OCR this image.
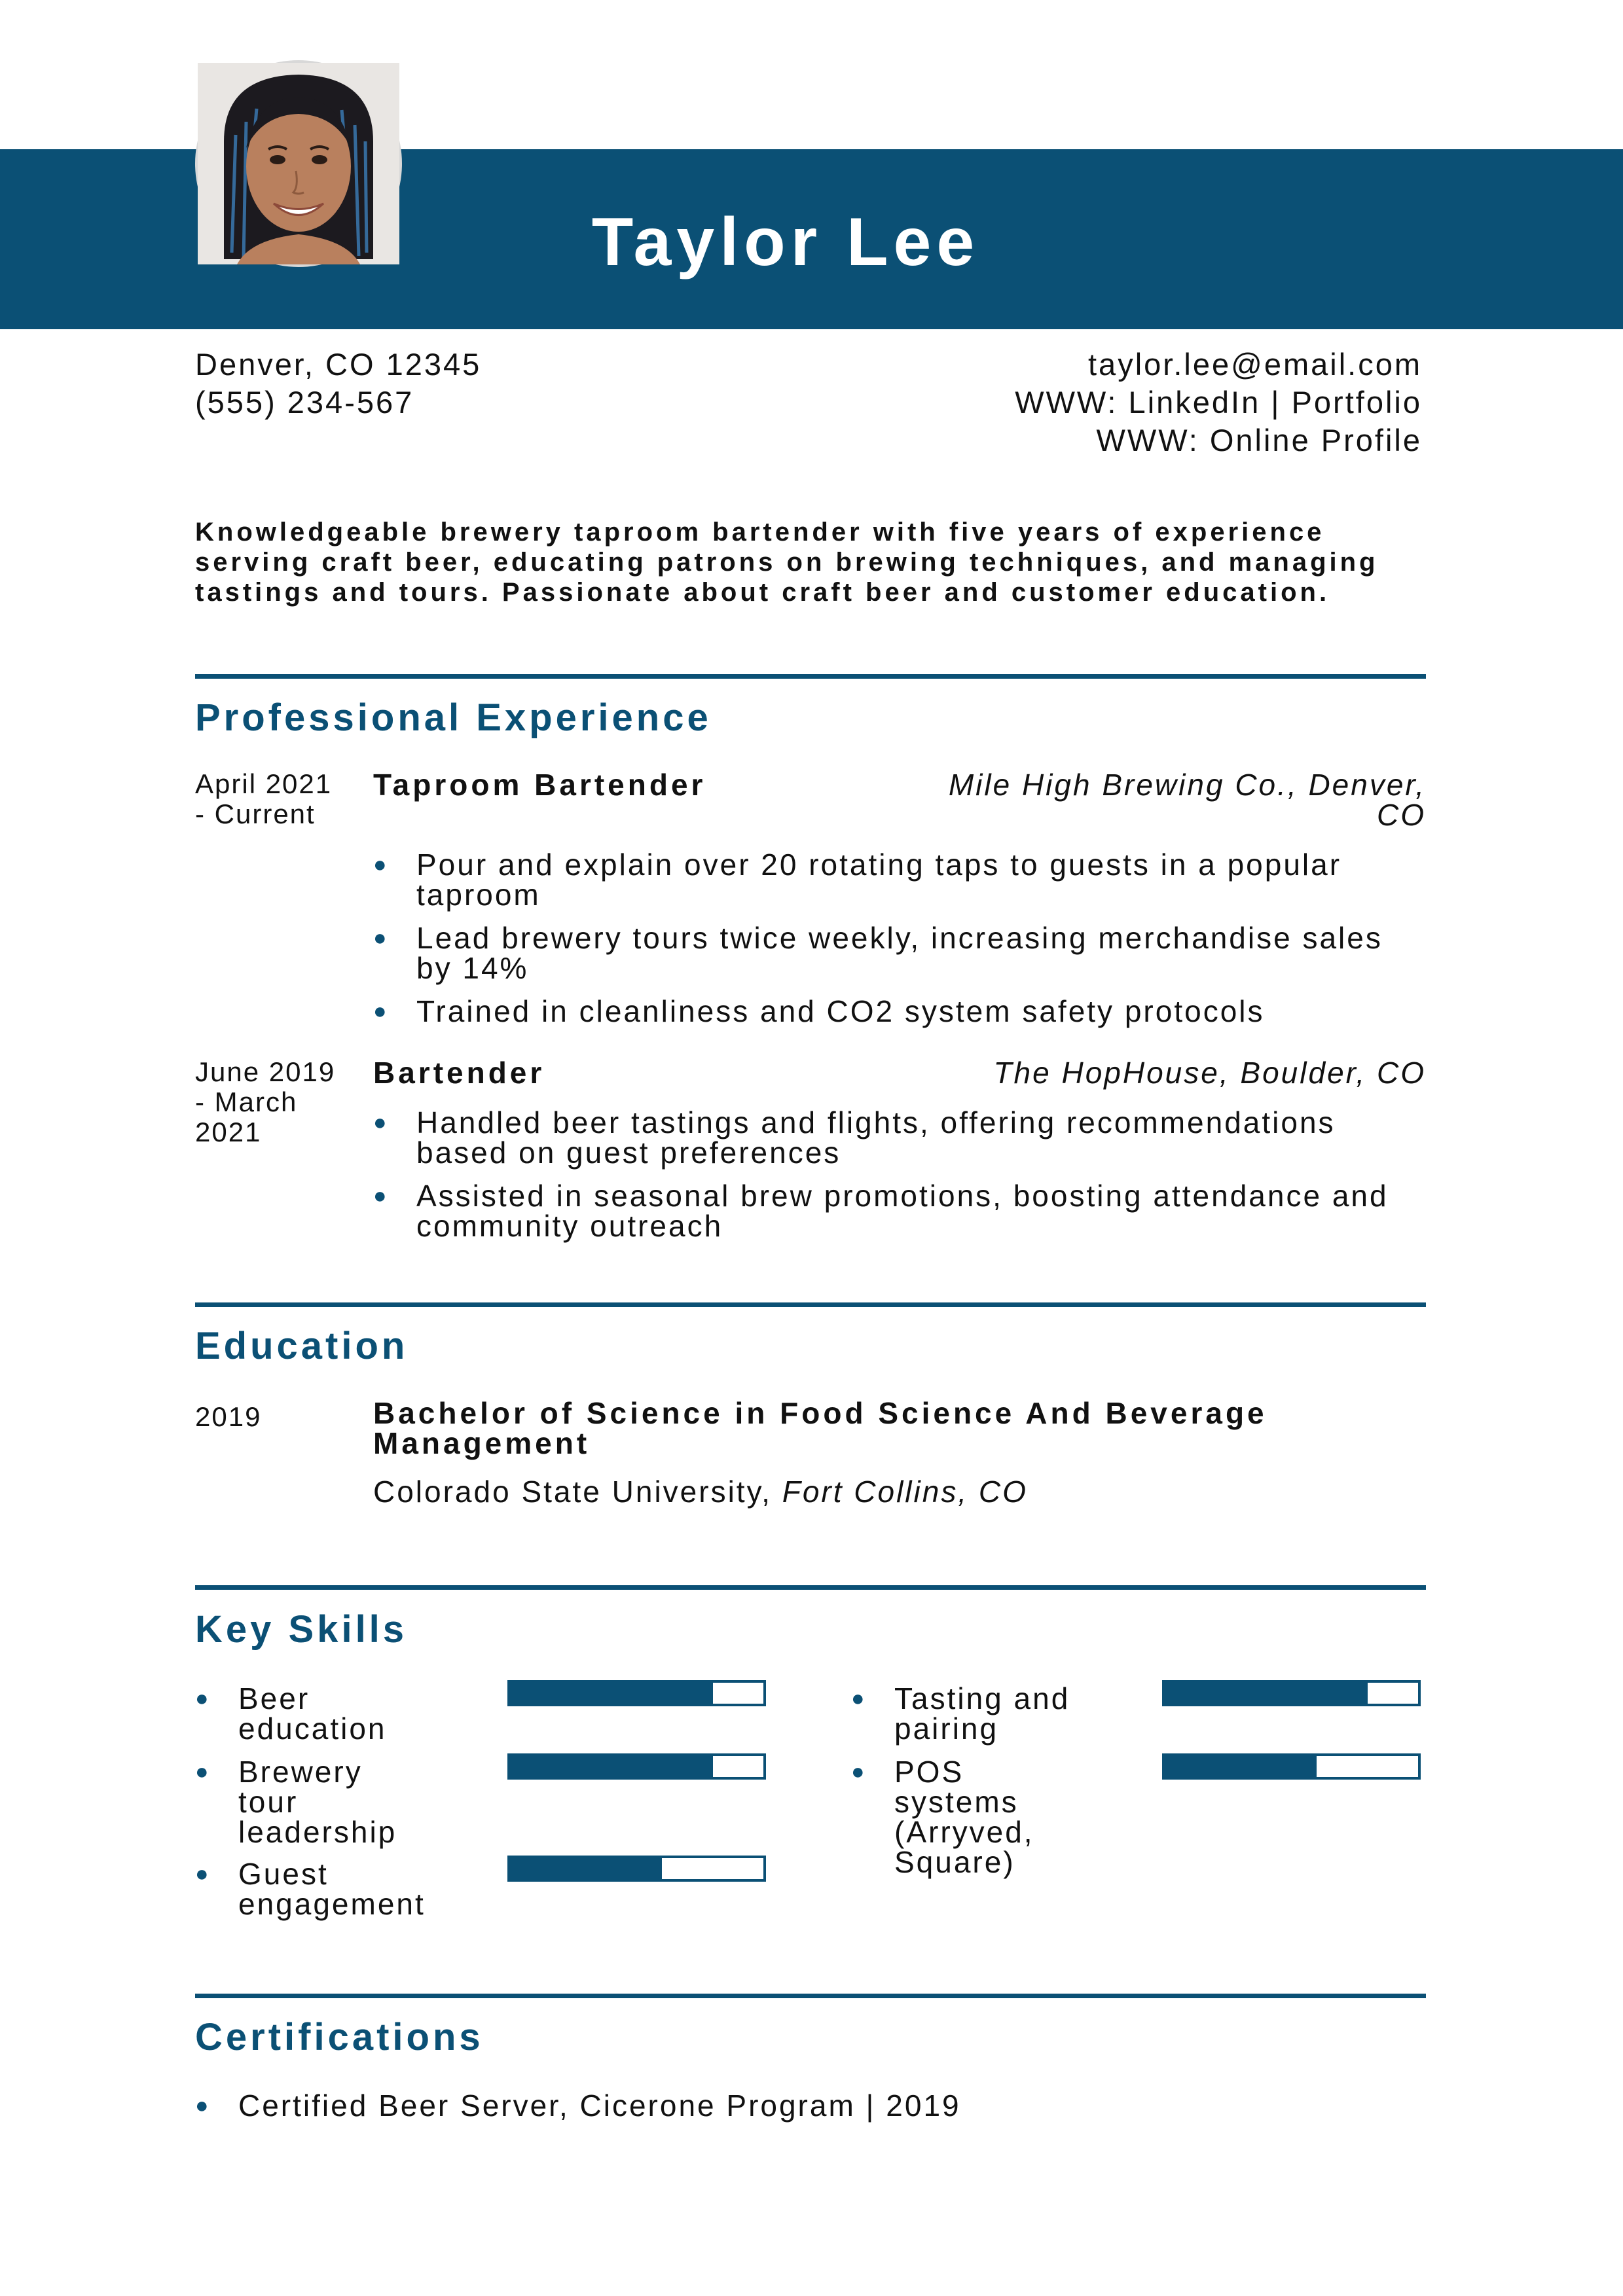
Taylor Lee
Denver, CO 12345
(555) 234-567
taylor.lee@email.com
WWW: LinkedIn | Portfolio
WWW: Online Profile
Knowledgeable brewery taproom bartender with five years of experience serving craft beer, educating patrons on brewing techniques, and managing tastings and tours. Passionate about craft beer and customer education.
Professional Experience
April 2021 - Current
Taproom Bartender	Mile High Brewing Co., Denver, CO
● Pour and explain over 20 rotating taps to guests in a popular taproom
● Lead brewery tours twice weekly, increasing merchandise sales by 14%
● Trained in cleanliness and CO2 system safety protocols
June 2019 - March 2021
Bartender	The HopHouse, Boulder, CO
● Handled beer tastings and flights, offering recommendations based on guest preferences
● Assisted in seasonal brew promotions, boosting attendance and community outreach
Education
2019	Bachelor of Science in Food Science And Beverage Management
Colorado State University, Fort Collins, CO
Key Skills
● Beer education
● Brewery tour leadership
● Guest engagement
● Tasting and pairing
● POS systems (Arryved, Square)
Certifications
● Certified Beer Server, Cicerone Program | 2019
